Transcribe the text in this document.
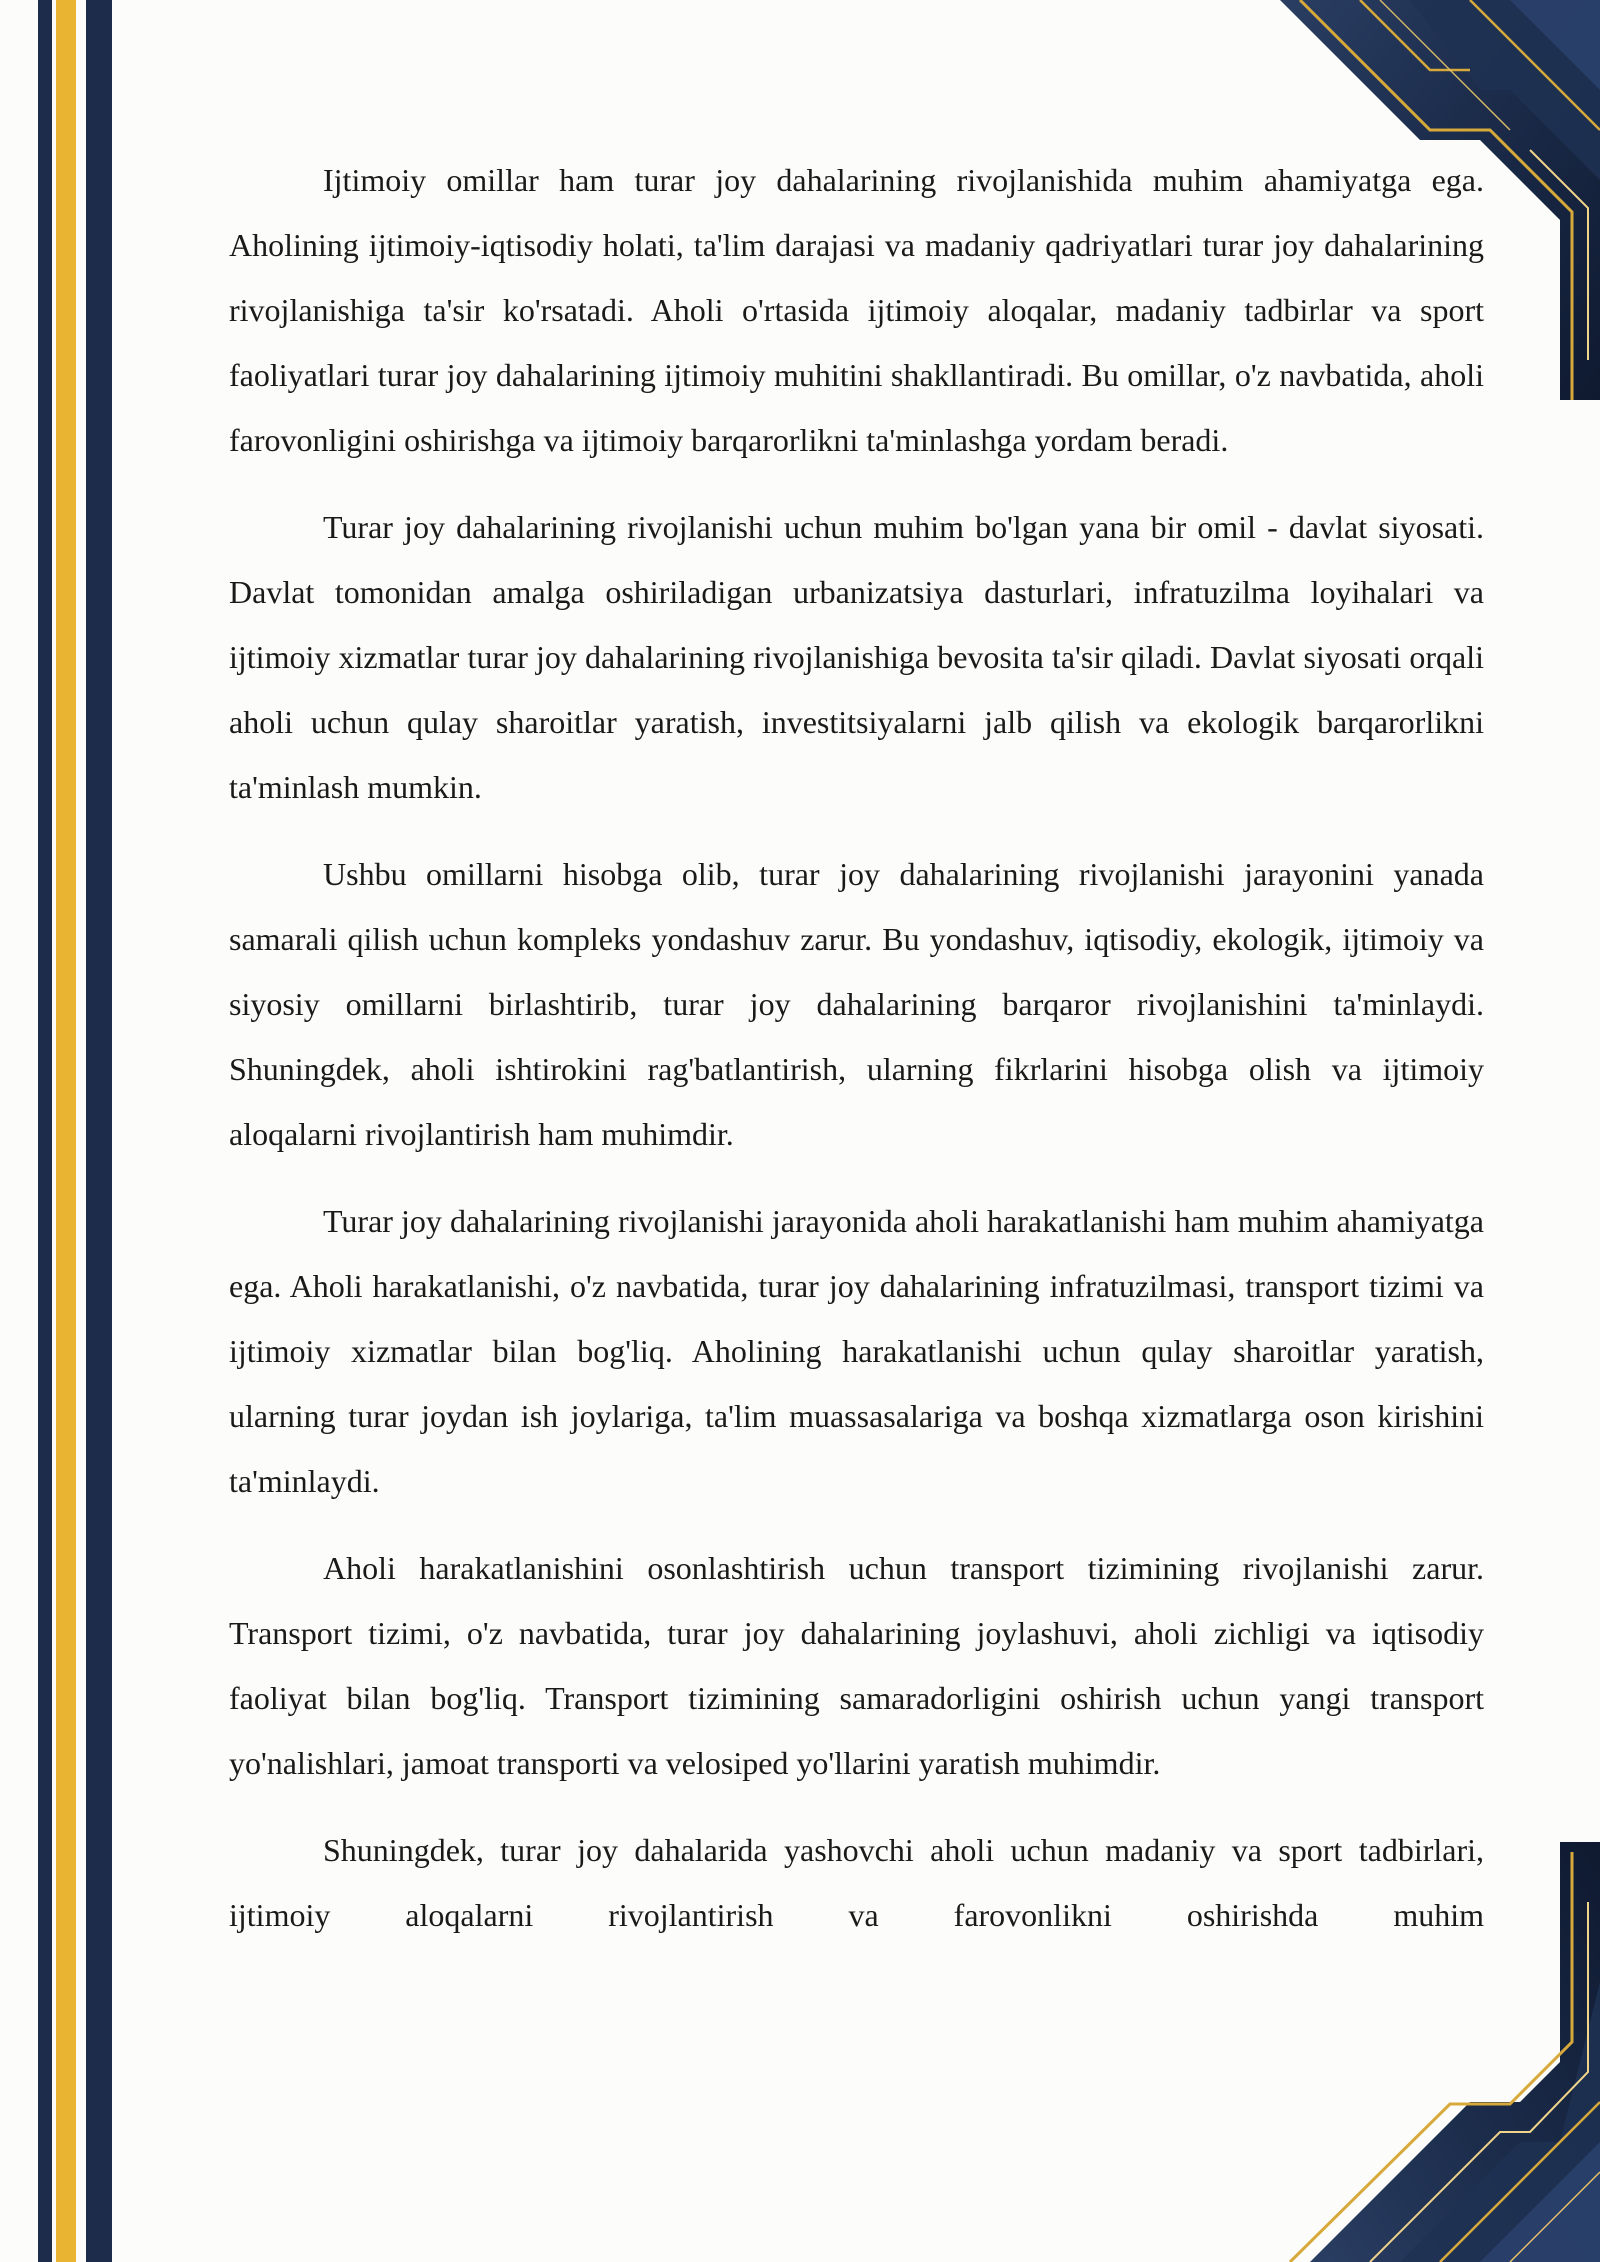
Ijtimoiy omillar ham turar joy dahalarining rivojlanishida muhim ahamiyatga ega. Aholining ijtimoiy-iqtisodiy holati, ta'lim darajasi va madaniy qadriyatlari turar joy dahalarining rivojlanishiga ta'sir ko'rsatadi. Aholi o'rtasida ijtimoiy aloqalar, madaniy tadbirlar va sport faoliyatlari turar joy dahalarining ijtimoiy muhitini shakllantiradi. Bu omillar, o'z navbatida, aholi farovonligini oshirishga va ijtimoiy barqarorlikni ta'minlashga yordam beradi.

Turar joy dahalarining rivojlanishi uchun muhim bo'lgan yana bir omil - davlat siyosati. Davlat tomonidan amalga oshiriladigan urbanizatsiya dasturlari, infratuzilma loyihalari va ijtimoiy xizmatlar turar joy dahalarining rivojlanishiga bevosita ta'sir qiladi. Davlat siyosati orqali aholi uchun qulay sharoitlar yaratish, investitsiyalarni jalb qilish va ekologik barqarorlikni ta'minlash mumkin.

Ushbu omillarni hisobga olib, turar joy dahalarining rivojlanishi jarayonini yanada samarali qilish uchun kompleks yondashuv zarur. Bu yondashuv, iqtisodiy, ekologik, ijtimoiy va siyosiy omillarni birlashtirib, turar joy dahalarining barqaror rivojlanishini ta'minlaydi. Shuningdek, aholi ishtirokini rag'batlantirish, ularning fikrlarini hisobga olish va ijtimoiy aloqalarni rivojlantirish ham muhimdir.

Turar joy dahalarining rivojlanishi jarayonida aholi harakatlanishi ham muhim ahamiyatga ega. Aholi harakatlanishi, o'z navbatida, turar joy dahalarining infratuzilmasi, transport tizimi va ijtimoiy xizmatlar bilan bog'liq. Aholining harakatlanishi uchun qulay sharoitlar yaratish, ularning turar joydan ish joylariga, ta'lim muassasalariga va boshqa xizmatlarga oson kirishini ta'minlaydi.

Aholi harakatlanishini osonlashtirish uchun transport tizimining rivojlanishi zarur. Transport tizimi, o'z navbatida, turar joy dahalarining joylashuvi, aholi zichligi va iqtisodiy faoliyat bilan bog'liq. Transport tizimining samaradorligini oshirish uchun yangi transport yo'nalishlari, jamoat transporti va velosiped yo'llarini yaratish muhimdir.

Shuningdek, turar joy dahalarida yashovchi aholi uchun madaniy va sport tadbirlari, ijtimoiy aloqalarni rivojlantirish va farovonlikni oshirishda muhim
